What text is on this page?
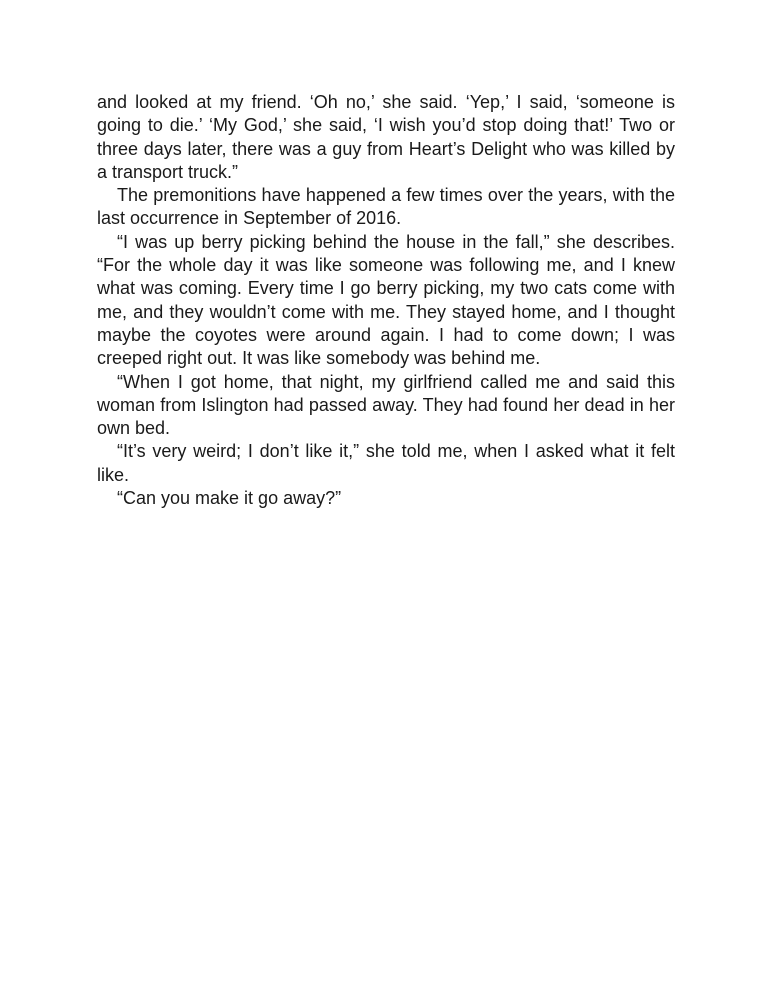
and looked at my friend. ‘Oh no,’ she said. ‘Yep,’ I said, ‘someone is going to die.’ ‘My God,’ she said, ‘I wish you’d stop doing that!’ Two or three days later, there was a guy from Heart’s Delight who was killed by a transport truck.”

The premonitions have happened a few times over the years, with the last occurrence in September of 2016.

“I was up berry picking behind the house in the fall,” she describes. “For the whole day it was like someone was following me, and I knew what was coming. Every time I go berry picking, my two cats come with me, and they wouldn’t come with me. They stayed home, and I thought maybe the coyotes were around again. I had to come down; I was creeped right out. It was like somebody was behind me.

“When I got home, that night, my girlfriend called me and said this woman from Islington had passed away. They had found her dead in her own bed.

“It’s very weird; I don’t like it,” she told me, when I asked what it felt like.

“Can you make it go away?”
